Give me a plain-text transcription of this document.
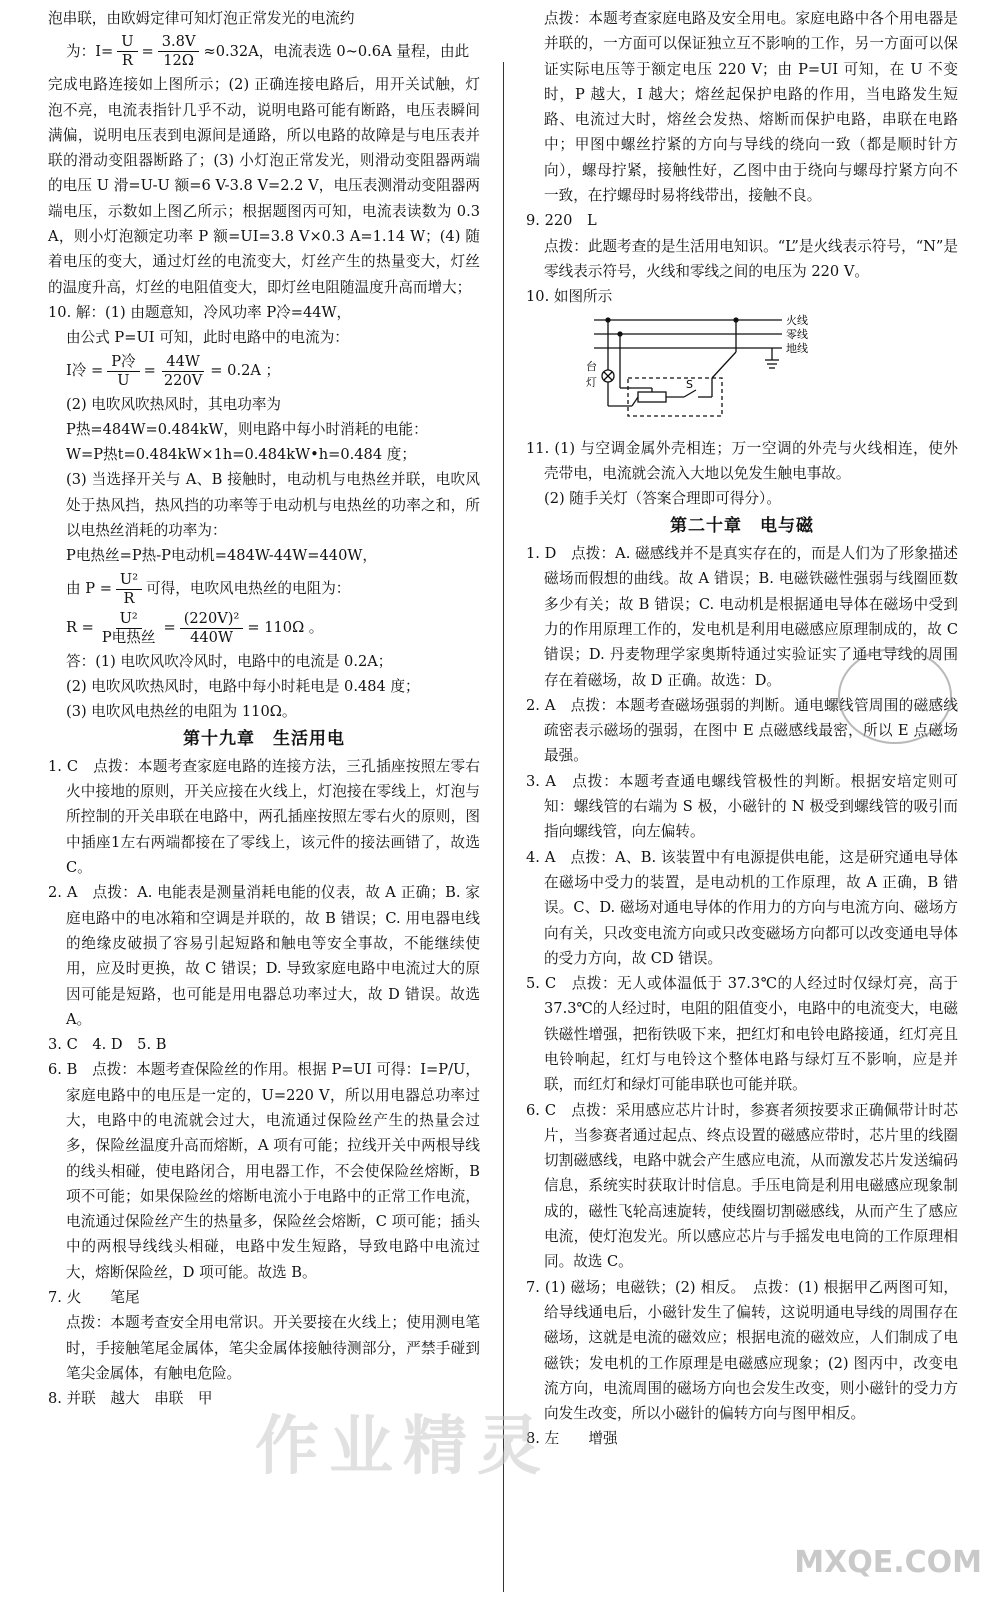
泡串联，由欧姆定律可知灯泡正常发光的电流约

为：$I= \frac{U}{R} = \frac{3.8V}{12\Omega} \approx 0.32A$，电流表选 0~0.6A 量程，由此

完成电路连接如上图所示；(2) 正确连接电路后，用开关试触，灯泡不亮，电流表指针几乎不动，说明电路可能有断路，电压表瞬间满偏，说明电压表到电源间是通路，所以电路的故障是与电压表并联的滑动变阻器断路了；(3) 小灯泡正常发光，则滑动变阻器两端的电压 U 滑=U-U 额=6 V-3.8 V=2.2 V，电压表测滑动变阻器两端电压，示数如上图乙所示；根据题图丙可知，电流表读数为 0.3 A，则小灯泡额定功率 P 额=UI=3.8 V×0.3 A=1.14 W；(4) 随着电压的变大，通过灯丝的电流变大，灯丝产生的热量变大，灯丝的温度升高，灯丝的电阻值变大，即灯丝电阻随温度升高而增大；

10. 解：(1) 由题意知，冷风功率 P冷=44W，

由公式 P=UI 可知，此时电路中的电流为：

I冷 = $\frac{\text{P冷}}{U} = \frac{44W}{220V} = 0.2A$ ；

(2) 电吹风吹热风时，其电功率为

P热=484W=0.484kW，则电路中每小时消耗的电能：

W=P热t=0.484kW×1h=0.484kW•h=0.484 度；

(3) 当选择开关与 A、B 接触时，电动机与电热丝并联，电吹风处于热风挡，热风挡的功率等于电动机与电热丝的功率之和，所以电热丝消耗的功率为：

P电热丝=P热-P电动机=484W-44W=440W，

由 $P = \frac{\text{U²}}{R}$ 可得，电吹风电热丝的电阻为：
$R = \frac{\text{U²}}{\text{P电热丝}} = \frac{\text{(220V)²}}{440W} = 110\Omega$ 。

答：(1) 电吹风吹冷风时，电路中的电流是 0.2A；

(2) 电吹风吹热风时，电路中每小时耗电是 0.484 度；

(3) 电吹风电热丝的电阻为 110Ω。

第十九章　生活用电

1. C　点拨：本题考查家庭电路的连接方法，三孔插座按照左零右火中接地的原则，开关应接在火线上，灯泡接在零线上，灯泡与所控制的开关串联在电路中，两孔插座按照左零右火的原则，图中插座1左右两端都接在了零线上，该元件的接法画错了，故选 C。

2. A　点拨：A. 电能表是测量消耗电能的仪表，故 A 正确；B. 家庭电路中的电冰箱和空调是并联的，故 B 错误；C. 用电器电线的绝缘皮破损了容易引起短路和触电等安全事故，不能继续使用，应及时更换，故 C 错误；D. 导致家庭电路中电流过大的原因可能是短路，也可能是用电器总功率过大，故 D 错误。故选 A。

3. C　4. D　5. B

6. B　点拨：本题考查保险丝的作用。根据 P=UI 可得：I=P/U，家庭电路中的电压是一定的，U=220 V，所以用电器总功率过大，电路中的电流就会过大，电流通过保险丝产生的热量会过多，保险丝温度升高而熔断，A 项有可能；拉线开关中两根导线的线头相碰，使电路闭合，用电器工作，不会使保险丝熔断，B 项不可能；如果保险丝的熔断电流小于电路中的正常工作电流，电流通过保险丝产生的热量多，保险丝会熔断，C 项可能；插头中的两根导线线头相碰，电路中发生短路，导致电路中电流过大，熔断保险丝，D 项可能。故选 B。

7. 火　　笔尾

点拨：本题考查安全用电常识。开关要接在火线上；使用测电笔时，手接触笔尾金属体，笔尖金属体接触待测部分，严禁手碰到笔尖金属体，有触电危险。

8. 并联　越大　串联　甲

点拨：本题考查家庭电路及安全用电。家庭电路中各个用电器是并联的，一方面可以保证独立互不影响的工作，另一方面可以保证实际电压等于额定电压 220 V；由 P=UI 可知，在 U 不变时，P 越大，I 越大；熔丝起保护电路的作用，当电路发生短路、电流过大时，熔丝会发热、熔断而保护电路，串联在电路中；甲图中螺丝拧紧的方向与导线的绕向一致（都是顺时针方向），螺母拧紧，接触性好，乙图中由于绕向与螺母拧紧方向不一致，在拧螺母时易将线带出，接触不良。

9. 220　L

点拨：此题考查的是生活用电知识。“L”是火线表示符号，“N”是零线表示符号，火线和零线之间的电压为 220 V。

10. 如图所示

火线
零线
地线
台
灯	S

11. (1) 与空调金属外壳相连；万一空调的外壳与火线相连，使外壳带电，电流就会流入大地以免发生触电事故。

(2) 随手关灯（答案合理即可得分）。

第二十章　电与磁

1. D　点拨：A. 磁感线并不是真实存在的，而是人们为了形象描述磁场而假想的曲线。故 A 错误；B. 电磁铁磁性强弱与线圈匝数多少有关；故 B 错误；C. 电动机是根据通电导体在磁场中受到力的作用原理工作的，发电机是利用电磁感应原理制成的，故 C 错误；D. 丹麦物理学家奥斯特通过实验证实了通电导线的周围存在着磁场，故 D 正确。故选：D。

2. A　点拨：本题考查磁场强弱的判断。通电螺线管周围的磁感线疏密表示磁场的强弱，在图中 E 点磁感线最密，所以 E 点磁场最强。

3. A　点拨：本题考查通电螺线管极性的判断。根据安培定则可知：螺线管的右端为 S 极，小磁针的 N 极受到螺线管的吸引而指向螺线管，向左偏转。

4. A　点拨：A、B. 该装置中有电源提供电能，这是研究通电导体在磁场中受力的装置，是电动机的工作原理，故 A 正确，B 错误。C、D. 磁场对通电导体的作用力的方向与电流方向、磁场方向有关，只改变电流方向或只改变磁场方向都可以改变通电导体的受力方向，故 CD 错误。

5. C　点拨：无人或体温低于 37.3℃的人经过时仅绿灯亮，高于 37.3℃的人经过时，电阻的阻值变小，电路中的电流变大，电磁铁磁性增强，把衔铁吸下来，把红灯和电铃电路接通，红灯亮且电铃响起，红灯与电铃这个整体电路与绿灯互不影响，应是并联，而红灯和绿灯可能串联也可能并联。

6. C　点拨：采用感应芯片计时，参赛者须按要求正确佩带计时芯片，当参赛者通过起点、终点设置的磁感应带时，芯片里的线圈切割磁感线，电路中就会产生感应电流，从而激发芯片发送编码信息，系统实时获取计时信息。手压电筒是利用电磁感应现象制成的，磁性飞轮高速旋转，使线圈切割磁感线，从而产生了感应电流，使灯泡发光。所以感应芯片与手摇发电电筒的工作原理相同。故选 C。

7. (1) 磁场；电磁铁；(2) 相反。　点拨：(1) 根据甲乙两图可知，给导线通电后，小磁针发生了偏转，这说明通电导线的周围存在磁场，这就是电流的磁效应；根据电流的磁效应，人们制成了电磁铁；发电机的工作原理是电磁感应现象；(2) 图丙中，改变电流方向，电流周围的磁场方向也会发生改变，则小磁针的受力方向发生改变，所以小磁针的偏转方向与图甲相反。

8. 左　　增强

作业精灵
MXQE.COM
